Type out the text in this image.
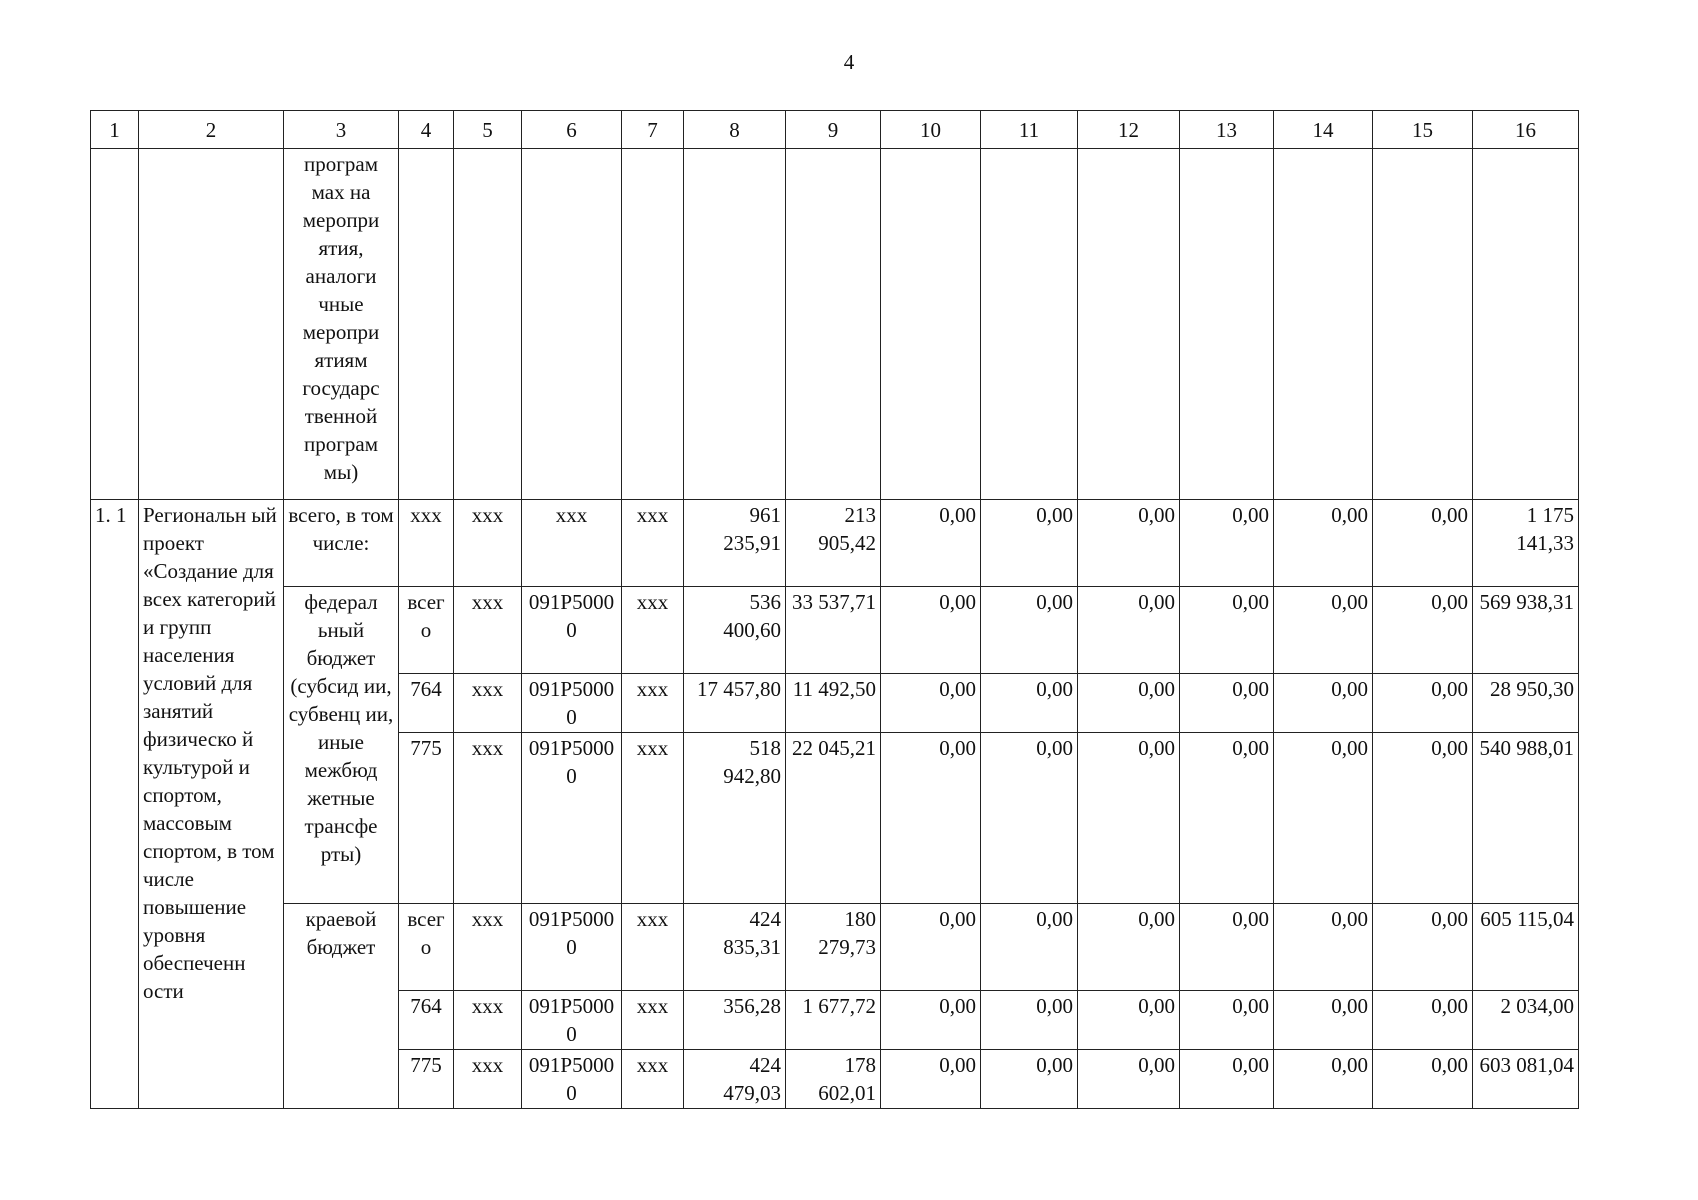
4
1	2	3	4	5	6	7	8	9	10	11	12	13	14	15	16
		програм мах на меропри ятия, аналоги чные меропри ятиям государс твенной програм мы)													
1. 1	Региональн ый проект «Создание для всех категорий и групп населения условий для занятий физическо й культурой и спортом, массовым спортом, в том числе повышение уровня обеспеченн ости	всего, в том числе:	xxx	xxx	xxx	xxx	961 235,91	213 905,42	0,00	0,00	0,00	0,00	0,00	0,00	1 175 141,33
		федерал ьный бюджет (субсид ии, субвенц ии, иные межбюд жетные трансфе рты)	всего	xxx	091P50000	xxx	536 400,60	33 537,71	0,00	0,00	0,00	0,00	0,00	0,00	569 938,31
			764	xxx	091P50000	xxx	17 457,80	11 492,50	0,00	0,00	0,00	0,00	0,00	0,00	28 950,30
			775	xxx	091P50000	xxx	518 942,80	22 045,21	0,00	0,00	0,00	0,00	0,00	0,00	540 988,01
		краевой бюджет	всего	xxx	091P50000	xxx	424 835,31	180 279,73	0,00	0,00	0,00	0,00	0,00	0,00	605 115,04
			764	xxx	091P50000	xxx	356,28	1 677,72	0,00	0,00	0,00	0,00	0,00	0,00	2 034,00
			775	xxx	091P50000	xxx	424 479,03	178 602,01	0,00	0,00	0,00	0,00	0,00	0,00	603 081,04
